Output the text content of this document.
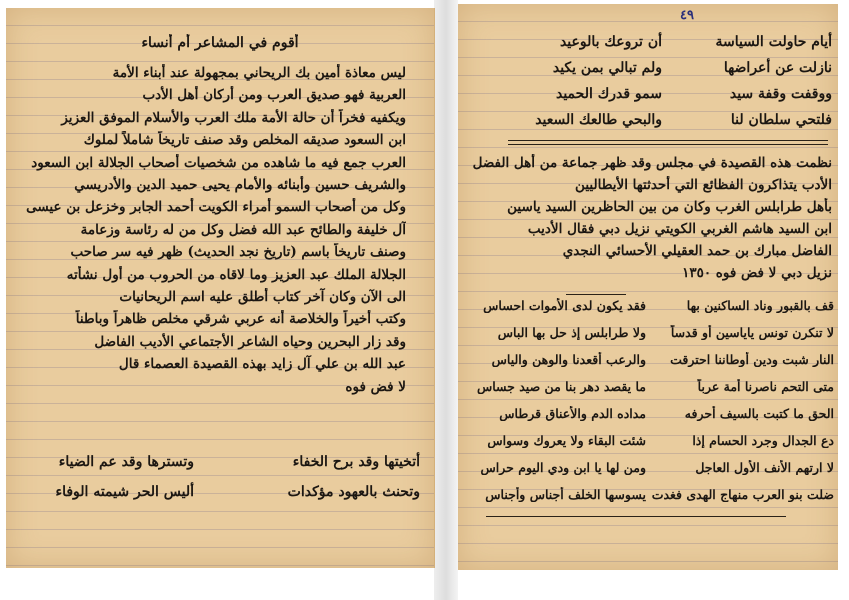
أقوم في المشاعر أم أنساء
ليس معاذة أمين بك الريحاني بمجهولة عند أبناء الأمة
العربية فهو صديق العرب ومن أركان أهل الأدب
ويكفيه فخراً أن حالة الأمة ملك العرب والأسلام الموفق العزيز
ابن السعود صديقه المخلص وقد صنف تاريخاً شاملاً لملوك
العرب جمع فيه ما شاهده من شخصيات أصحاب الجلالة ابن السعود
والشريف حسين وأبنائه والأمام يحيى حميد الدين والأدريسي
وكل من أصحاب السمو أمراء الكويت أحمد الجابر وخزعل بن عيسى
آل خليفة والطائح عبد الله فضل وكل من له رئاسة وزعامة
وصنف تاريخاً باسم (تاريخ نجد الحديث) ظهر فيه سر صاحب
الجلالة الملك عبد العزيز وما لاقاه من الحروب من أول نشأته
الى الآن وكان آخر كتاب أطلق عليه اسم الريحانيات
وكتب أخيراً والخلاصة أنه عربي شرقي مخلص ظاهراً وباطناً
وقد زار البحرين وحياه الشاعر الأجتماعي الأديب الفاضل
عبد الله بن علي آل زايد بهذه القصيدة العصماء قال
لا فض فوه
أتخيتها وقد برح الخفاء
وتسترها وقد عم الضياء
وتحنث بالعهود مؤكدات
أليس الحر شيمته الوفاء
٤٩
أيام حاولت السياسة
أن تروعك بالوعيد
نازلت عن أعراضها
ولم تبالي بمن يكيد
ووقفت وقفة سيد
سمو قدرك الحميد
فلتحي سلطان لنا
والبحي طالعك السعيد
نظمت هذه القصيدة في مجلس وقد ظهر جماعة من أهل الفضل
الأدب يتذاكرون الفظائع التي أحدثتها الأيطاليين
بأهل طرابلس الغرب وكان من بين الحاظرين السيد ياسين
ابن السيد هاشم الغربي الكويتي نزيل دبي فقال الأديب
الفاضل مبارك بن حمد العقيلي الأحسائي النجدي
نزيل دبي لا فض فوه ١٣٥٠
قف بالقبور وناد الساكنين بها
فقد يكون لدى الأموات احساس
لا تنكرن تونس ياياسين أو قدساً
ولا طرابلس إذ حل بها الباس
النار شبت ودين أوطاننا احترقت
والرعب أقعدنا والوهن والياس
متى التحم ناصرنا أمة عرباً
ما يقصد دهر بنا من صيد جساس
الحق ما كتبت بالسيف أحرفه
مداده الدم والأعناق قرطاس
دع الجدال وجرد الحسام إذا
شئت البقاء ولا يعروك وسواس
لا ارتهم الأنف الأول العاجل
ومن لها يا ابن ودي اليوم حراس
ضلت بنو العرب منهاج الهدى فغدت
يسوسها الخلف أجناس وأجناس
